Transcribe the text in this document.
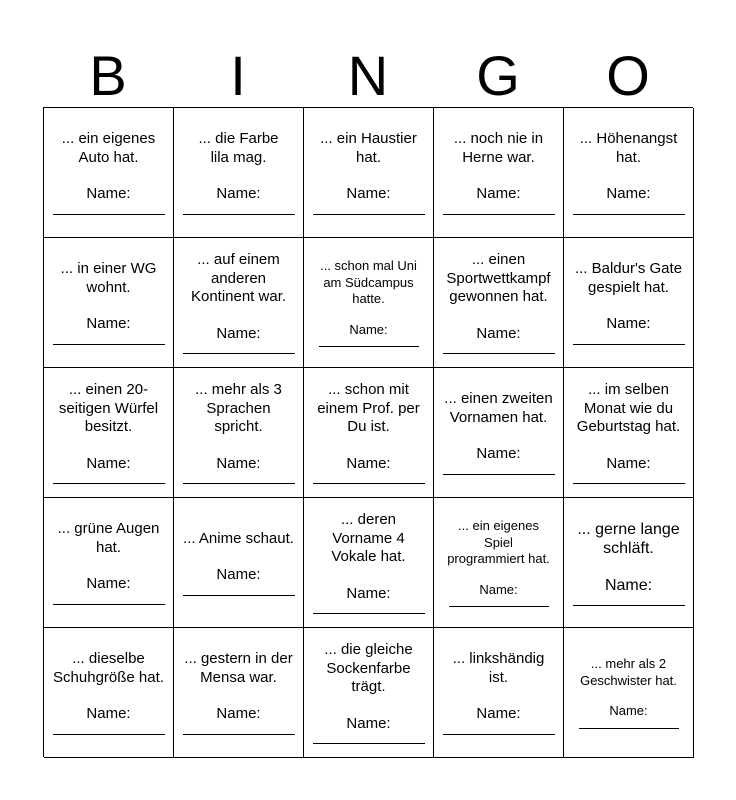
B	I	N	G	O
... ein eigenes
Auto hat.
Name:
... die Farbe
lila mag.
Name:
... ein Haustier
hat.
Name:
... noch nie in
Herne war.
Name:
... Höhenangst
hat.
Name:
... in einer WG
wohnt.
Name:
... auf einem
anderen
Kontinent war.
Name:
... schon mal Uni
am Südcampus
hatte.
Name:
... einen
Sportwettkampf
gewonnen hat.
Name:
... Baldur's Gate
gespielt hat.
Name:
... einen 20-
seitigen Würfel
besitzt.
Name:
... mehr als 3
Sprachen
spricht.
Name:
... schon mit
einem Prof. per
Du ist.
Name:
... einen zweiten
Vornamen hat.
Name:
... im selben
Monat wie du
Geburtstag hat.
Name:
... grüne Augen
hat.
Name:
... Anime schaut.
Name:
... deren
Vorname 4
Vokale hat.
Name:
... ein eigenes
Spiel
programmiert hat.
Name:
... gerne lange
schläft.
Name:
... dieselbe
Schuhgröße hat.
Name:
... gestern in der
Mensa war.
Name:
... die gleiche
Sockenfarbe
trägt.
Name:
... linkshändig
ist.
Name:
... mehr als 2
Geschwister hat.
Name:
